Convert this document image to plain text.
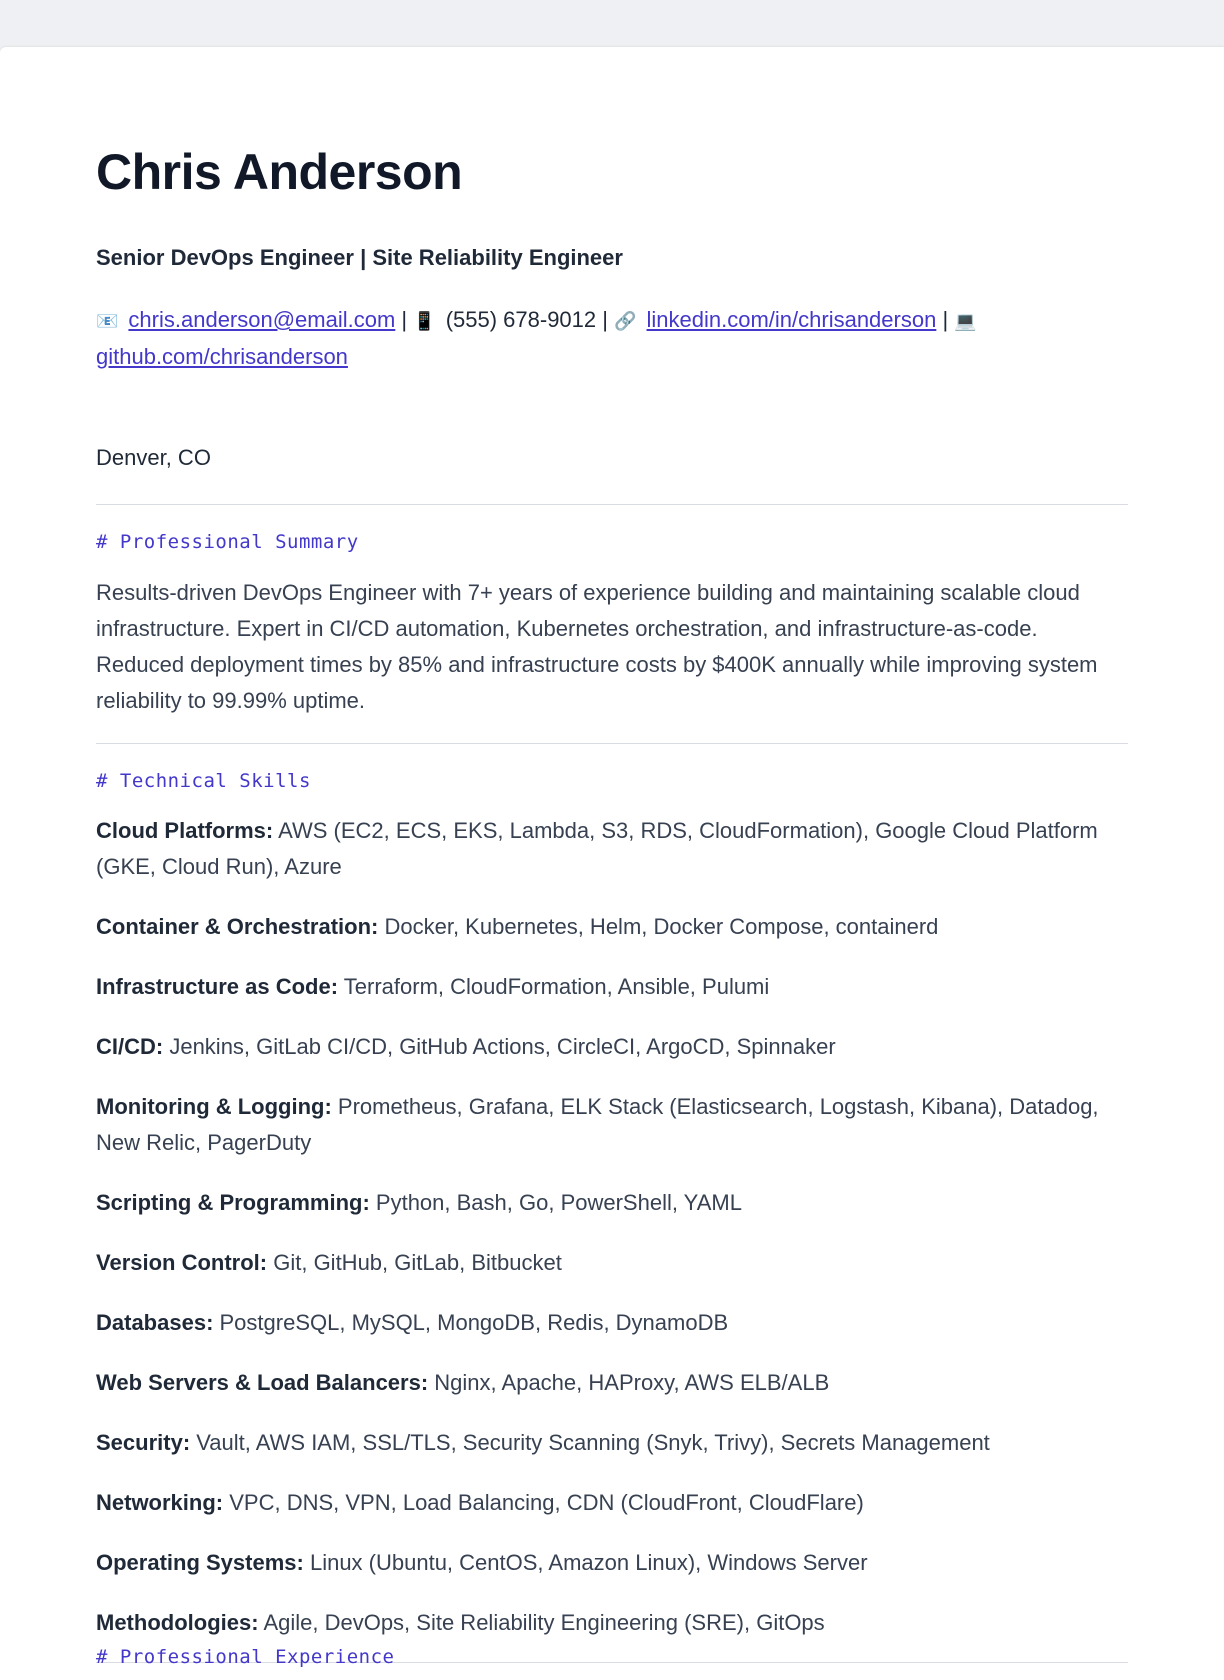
Chris Anderson
Senior DevOps Engineer | Site Reliability Engineer
📧 chris.anderson@email.com | 📱 (555) 678-9012 | 🔗 linkedin.com/in/chrisanderson | 💻github.com/chrisanderson
Denver, CO
# Professional Summary

Results-driven DevOps Engineer with 7+ years of experience building and maintaining scalable cloud infrastructure. Expert in CI/CD automation, Kubernetes orchestration, and infrastructure-as-code. Reduced deployment times by 85% and infrastructure costs by $400K annually while improving system reliability to 99.99% uptime.

# Technical Skills

Cloud Platforms: AWS (EC2, ECS, EKS, Lambda, S3, RDS, CloudFormation), Google Cloud Platform (GKE, Cloud Run), Azure

Container & Orchestration: Docker, Kubernetes, Helm, Docker Compose, containerd

Infrastructure as Code: Terraform, CloudFormation, Ansible, Pulumi

CI/CD: Jenkins, GitLab CI/CD, GitHub Actions, CircleCI, ArgoCD, Spinnaker

Monitoring & Logging: Prometheus, Grafana, ELK Stack (Elasticsearch, Logstash, Kibana), Datadog, New Relic, PagerDuty

Scripting & Programming: Python, Bash, Go, PowerShell, YAML

Version Control: Git, GitHub, GitLab, Bitbucket

Databases: PostgreSQL, MySQL, MongoDB, Redis, DynamoDB

Web Servers & Load Balancers: Nginx, Apache, HAProxy, AWS ELB/ALB

Security: Vault, AWS IAM, SSL/TLS, Security Scanning (Snyk, Trivy), Secrets Management

Networking: VPC, DNS, VPN, Load Balancing, CDN (CloudFront, CloudFlare)

Operating Systems: Linux (Ubuntu, CentOS, Amazon Linux), Windows Server

Methodologies: Agile, DevOps, Site Reliability Engineering (SRE), GitOps

# Professional Experience
